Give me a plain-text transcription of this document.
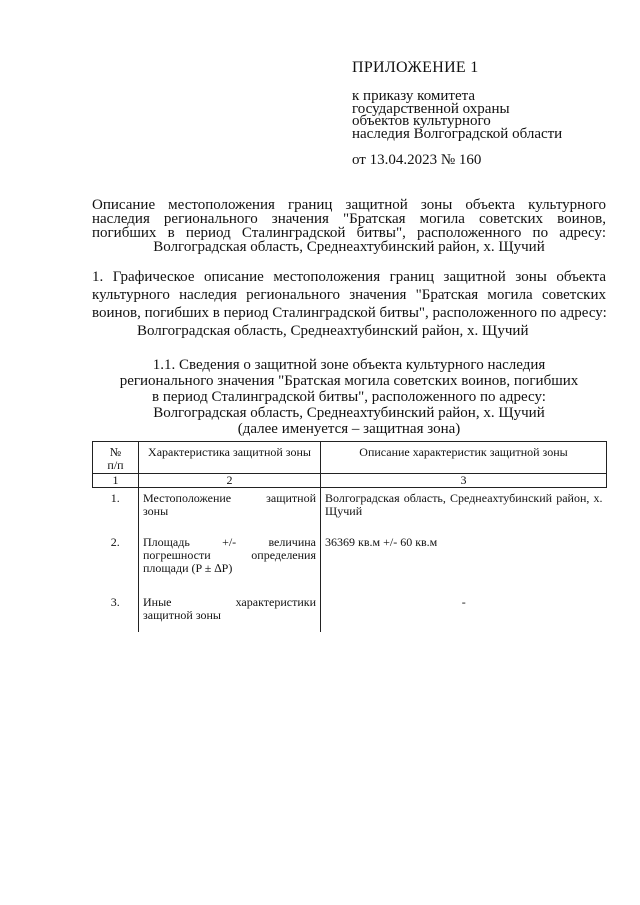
ПРИЛОЖЕНИЕ 1
к приказу комитета
государственной охраны
объектов культурного
наследия Волгоградской области
от 13.04.2023 № 160
Описание местоположения границ защитной зоны объекта культурного
наследия регионального значения "Братская могила советских воинов,
погибших в период Сталинградской битвы", расположенного по адресу:
Волгоградская область, Среднеахтубинский район, х. Щучий
1. Графическое описание местоположения границ защитной зоны объекта
культурного наследия регионального значения "Братская могила советских
воинов, погибших в период Сталинградской битвы", расположенного по адресу:
Волгоградская область, Среднеахтубинский район, х. Щучий
1.1. Сведения о защитной зоне объекта культурного наследия
регионального значения "Братская могила советских воинов, погибших
в период Сталинградской битвы", расположенного по адресу:
Волгоградская область, Среднеахтубинский район, х. Щучий
(далее именуется – защитная зона)
№
п/п	Характеристика защитной зоны	Описание характеристик защитной зоны
1	2	3
1.	Местоположение защитной
зоны	Волгоградская область, Среднеахтубинский район, х. Щучий
2.	Площадь +/- величина
погрешности определения
площади (P ± ∆P)	36369 кв.м +/- 60 кв.м
3.	Иные характеристики
защитной зоны	-
